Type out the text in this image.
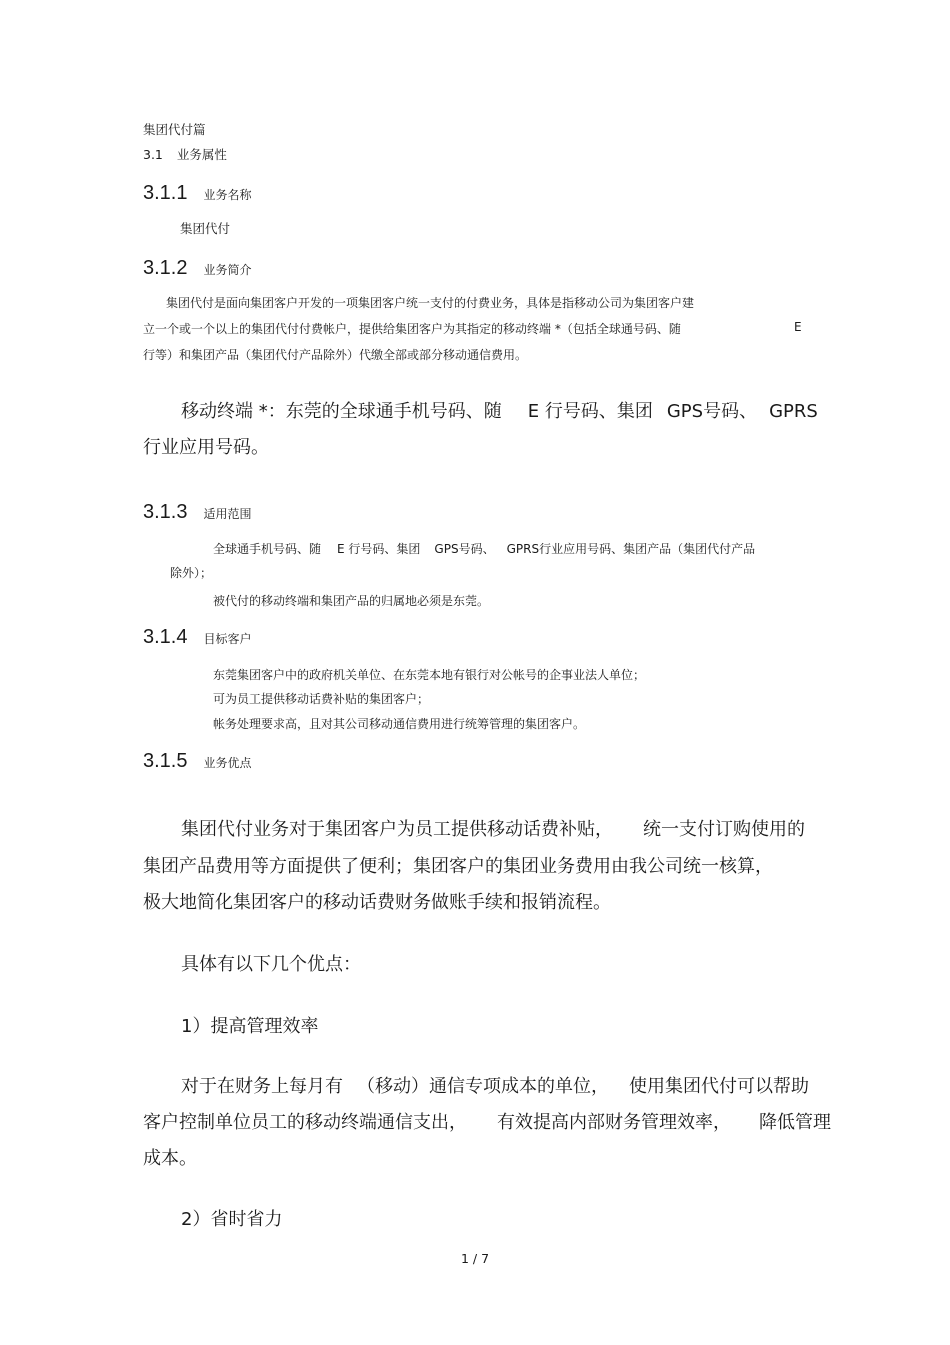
集团代付篇
3.1 业务属性
3.1.1 业务名称
集团代付
3.1.2 业务简介
集团代付是面向集团客户开发的一项集团客户统一支付的付费业务，具体是指移动公司为集团客户建
立一个或一个以上的集团代付付费帐户，提供给集团客户为其指定的移动终端 *（包括全球通号码、随	E
行等）和集团产品（集团代付产品除外）代缴全部或部分移动通信费用。
移动终端 *：东莞的全球通手机号码、随 E 行号码、集团 GPS号码、 GPRS
行业应用号码。
3.1.3 适用范围
全球通手机号码、随 E 行号码、集团 GPS号码、 GPRS行业应用号码、集团产品（集团代付产品
除外）；
被代付的移动终端和集团产品的归属地必须是东莞。
3.1.4 目标客户
东莞集团客户中的政府机关单位、在东莞本地有银行对公帐号的企事业法人单位；
可为员工提供移动话费补贴的集团客户；
帐务处理要求高，且对其公司移动通信费用进行统筹管理的集团客户。
3.1.5 业务优点
集团代付业务对于集团客户为员工提供移动话费补贴， 统一支付订购使用的
集团产品费用等方面提供了便利；集团客户的集团业务费用由我公司统一核算，
极大地简化集团客户的移动话费财务做账手续和报销流程。
具体有以下几个优点：
1）提高管理效率
对于在财务上每月有 （移动）通信专项成本的单位， 使用集团代付可以帮助
客户控制单位员工的移动终端通信支出， 有效提高内部财务管理效率， 降低管理
成本。
2）省时省力
1 / 7
